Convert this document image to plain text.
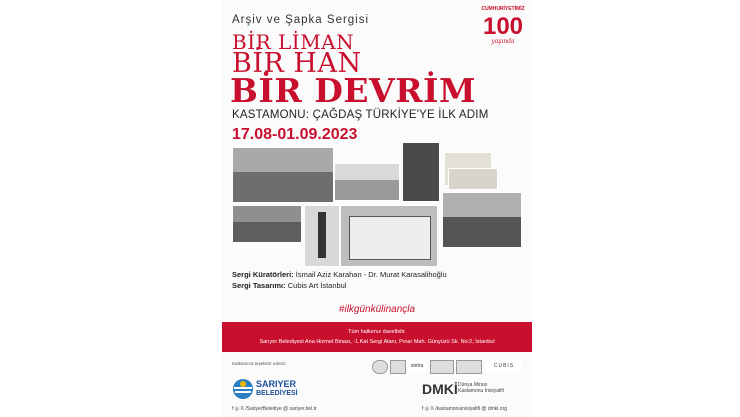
Arşiv ve Şapka Sergisi
CUMHURİYETİMİZ
100
yaşında
BİR LİMAN
BİR HAN
BİR DEVRİM
KASTAMONU: ÇAĞDAŞ TÜRKİYE'YE İLK ADIM
17.08-01.09.2023
Sergi Küratörleri: İsmail Aziz Karahan - Dr. Murat Karasalihoğlu
Sergi Tasarımı: Cubis Art İstanbul
#ilkgünkülinançla
Tüm halkımız davetlidir.
Sarıyer Belediyesi Ana Hizmet Binası, -1.Kat Sergi Alanı, Pınar Mah. Günyüzü Sk. No:2, İstanbul
Katkılarına teşekkür ederiz:	ointra	CUBIS
SARIYER
BELEDİYESİ	DMKİ Dünya Mirası
Kastamonu İnisiyatifi
f ◎ X /SariyerBelediye @ sariyer.bel.tr	f ◎ X /kastamonuinisiyatifi @ dmki.org
